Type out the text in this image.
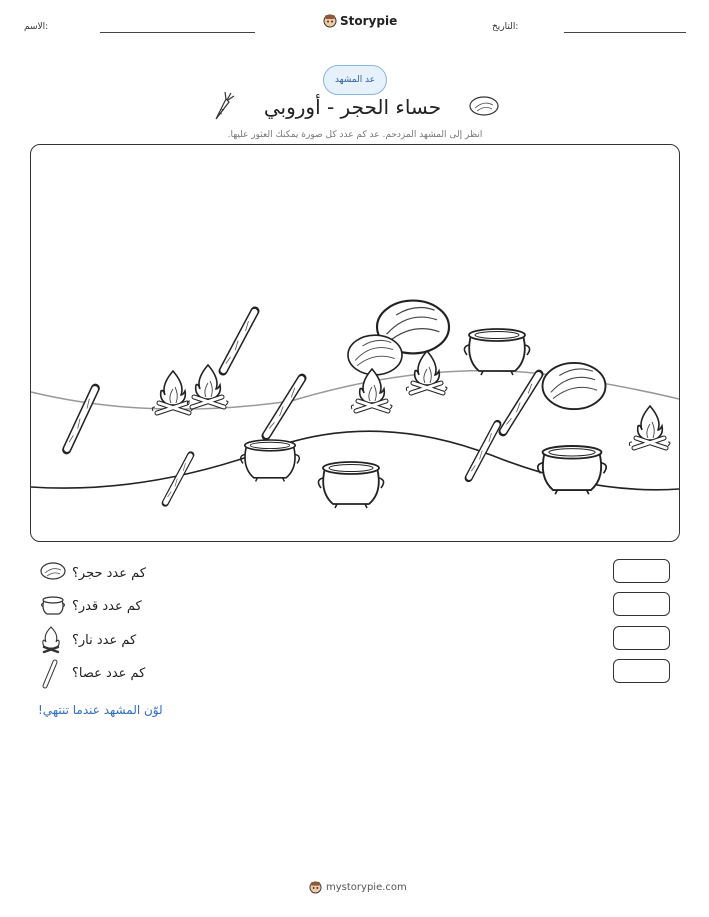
الاسم:	Storypie	التاريخ:
عد المشهد
حساء الحجر - أوروبي
انظر إلى المشهد المزدحم. عد كم عدد كل صورة يمكنك العثور عليها.
كم عدد حجر؟
كم عدد قدر؟
كم عدد نار؟
كم عدد عصا؟
لوّن المشهد عندما تنتهي!
mystorypie.com
